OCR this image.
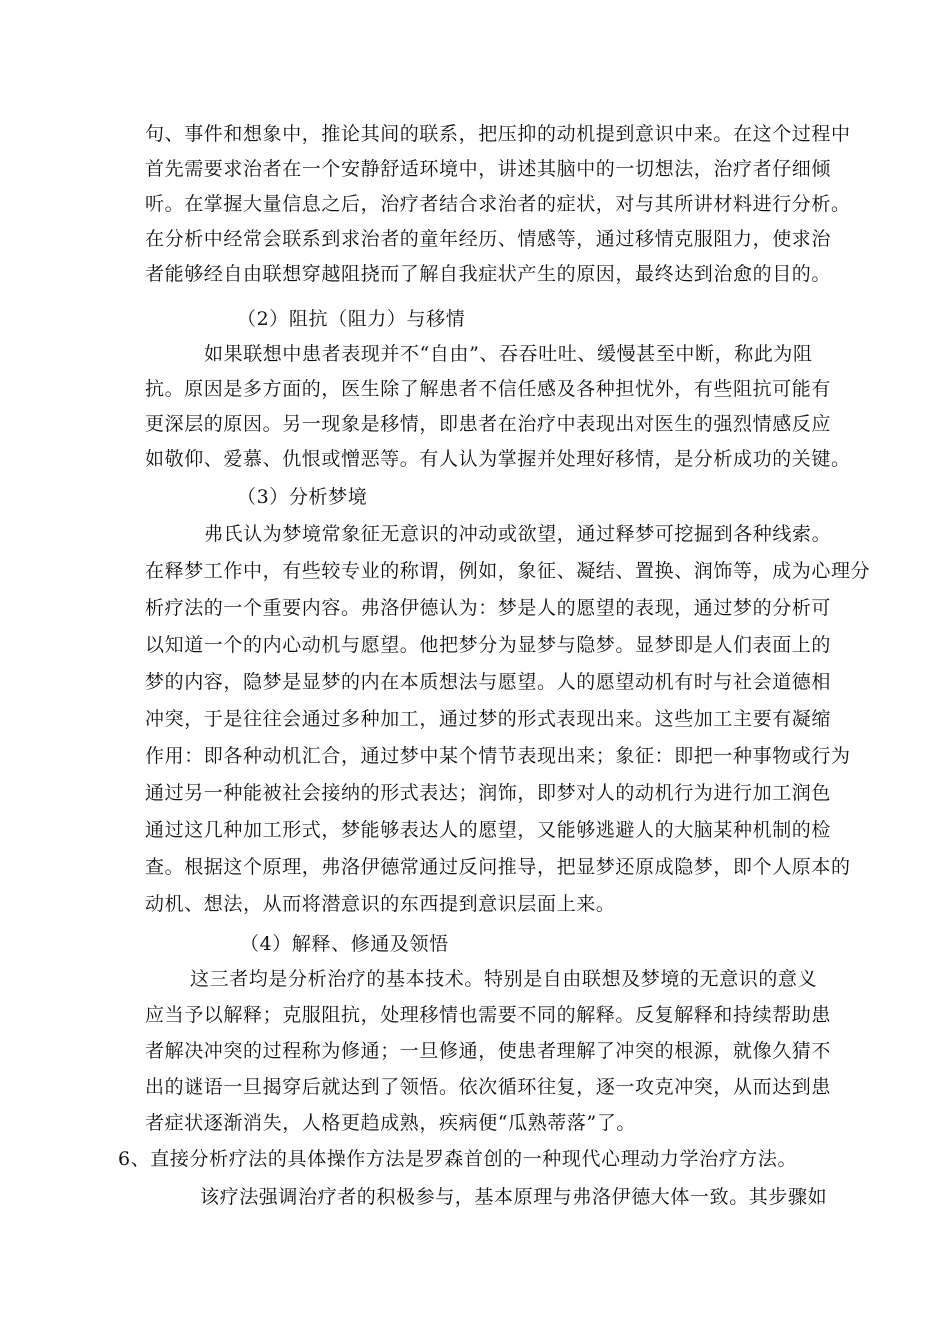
句、事件和想象中，推论其间的联系，把压抑的动机提到意识中来。在这个过程中
首先需要求治者在一个安静舒适环境中，讲述其脑中的一切想法，治疗者仔细倾
听。在掌握大量信息之后，治疗者结合求治者的症状，对与其所讲材料进行分析。
在分析中经常会联系到求治者的童年经历、情感等，通过移情克服阻力，使求治
者能够经自由联想穿越阻挠而了解自我症状产生的原因，最终达到治愈的目的。
（2）阻抗（阻力）与移情
如果联想中患者表现并不“自由”、吞吞吐吐、缓慢甚至中断，称此为阻
抗。原因是多方面的，医生除了解患者不信任感及各种担忧外，有些阻抗可能有
更深层的原因。另一现象是移情，即患者在治疗中表现出对医生的强烈情感反应
如敬仰、爱慕、仇恨或憎恶等。有人认为掌握并处理好移情，是分析成功的关键。
（3）分析梦境
弗氏认为梦境常象征无意识的冲动或欲望，通过释梦可挖掘到各种线索。
在释梦工作中，有些较专业的称谓，例如，象征、凝结、置换、润饰等，成为心理分
析疗法的一个重要内容。弗洛伊德认为：梦是人的愿望的表现，通过梦的分析可
以知道一个的内心动机与愿望。他把梦分为显梦与隐梦。显梦即是人们表面上的
梦的内容，隐梦是显梦的内在本质想法与愿望。人的愿望动机有时与社会道德相
冲突，于是往往会通过多种加工，通过梦的形式表现出来。这些加工主要有凝缩
作用：即各种动机汇合，通过梦中某个情节表现出来；象征：即把一种事物或行为
通过另一种能被社会接纳的形式表达；润饰，即梦对人的动机行为进行加工润色
通过这几种加工形式，梦能够表达人的愿望，又能够逃避人的大脑某种机制的检
查。根据这个原理，弗洛伊德常通过反问推导，把显梦还原成隐梦，即个人原本的
动机、想法，从而将潜意识的东西提到意识层面上来。
（4）解释、修通及领悟
这三者均是分析治疗的基本技术。特别是自由联想及梦境的无意识的意义
应当予以解释；克服阻抗，处理移情也需要不同的解释。反复解释和持续帮助患
者解决冲突的过程称为修通；一旦修通，使患者理解了冲突的根源，就像久猜不
出的谜语一旦揭穿后就达到了领悟。依次循环往复，逐一攻克冲突，从而达到患
者症状逐渐消失，人格更趋成熟，疾病便“瓜熟蒂落”了。
6、直接分析疗法的具体操作方法是罗森首创的一种现代心理动力学治疗方法。
该疗法强调治疗者的积极参与，基本原理与弗洛伊德大体一致。其步骤如
